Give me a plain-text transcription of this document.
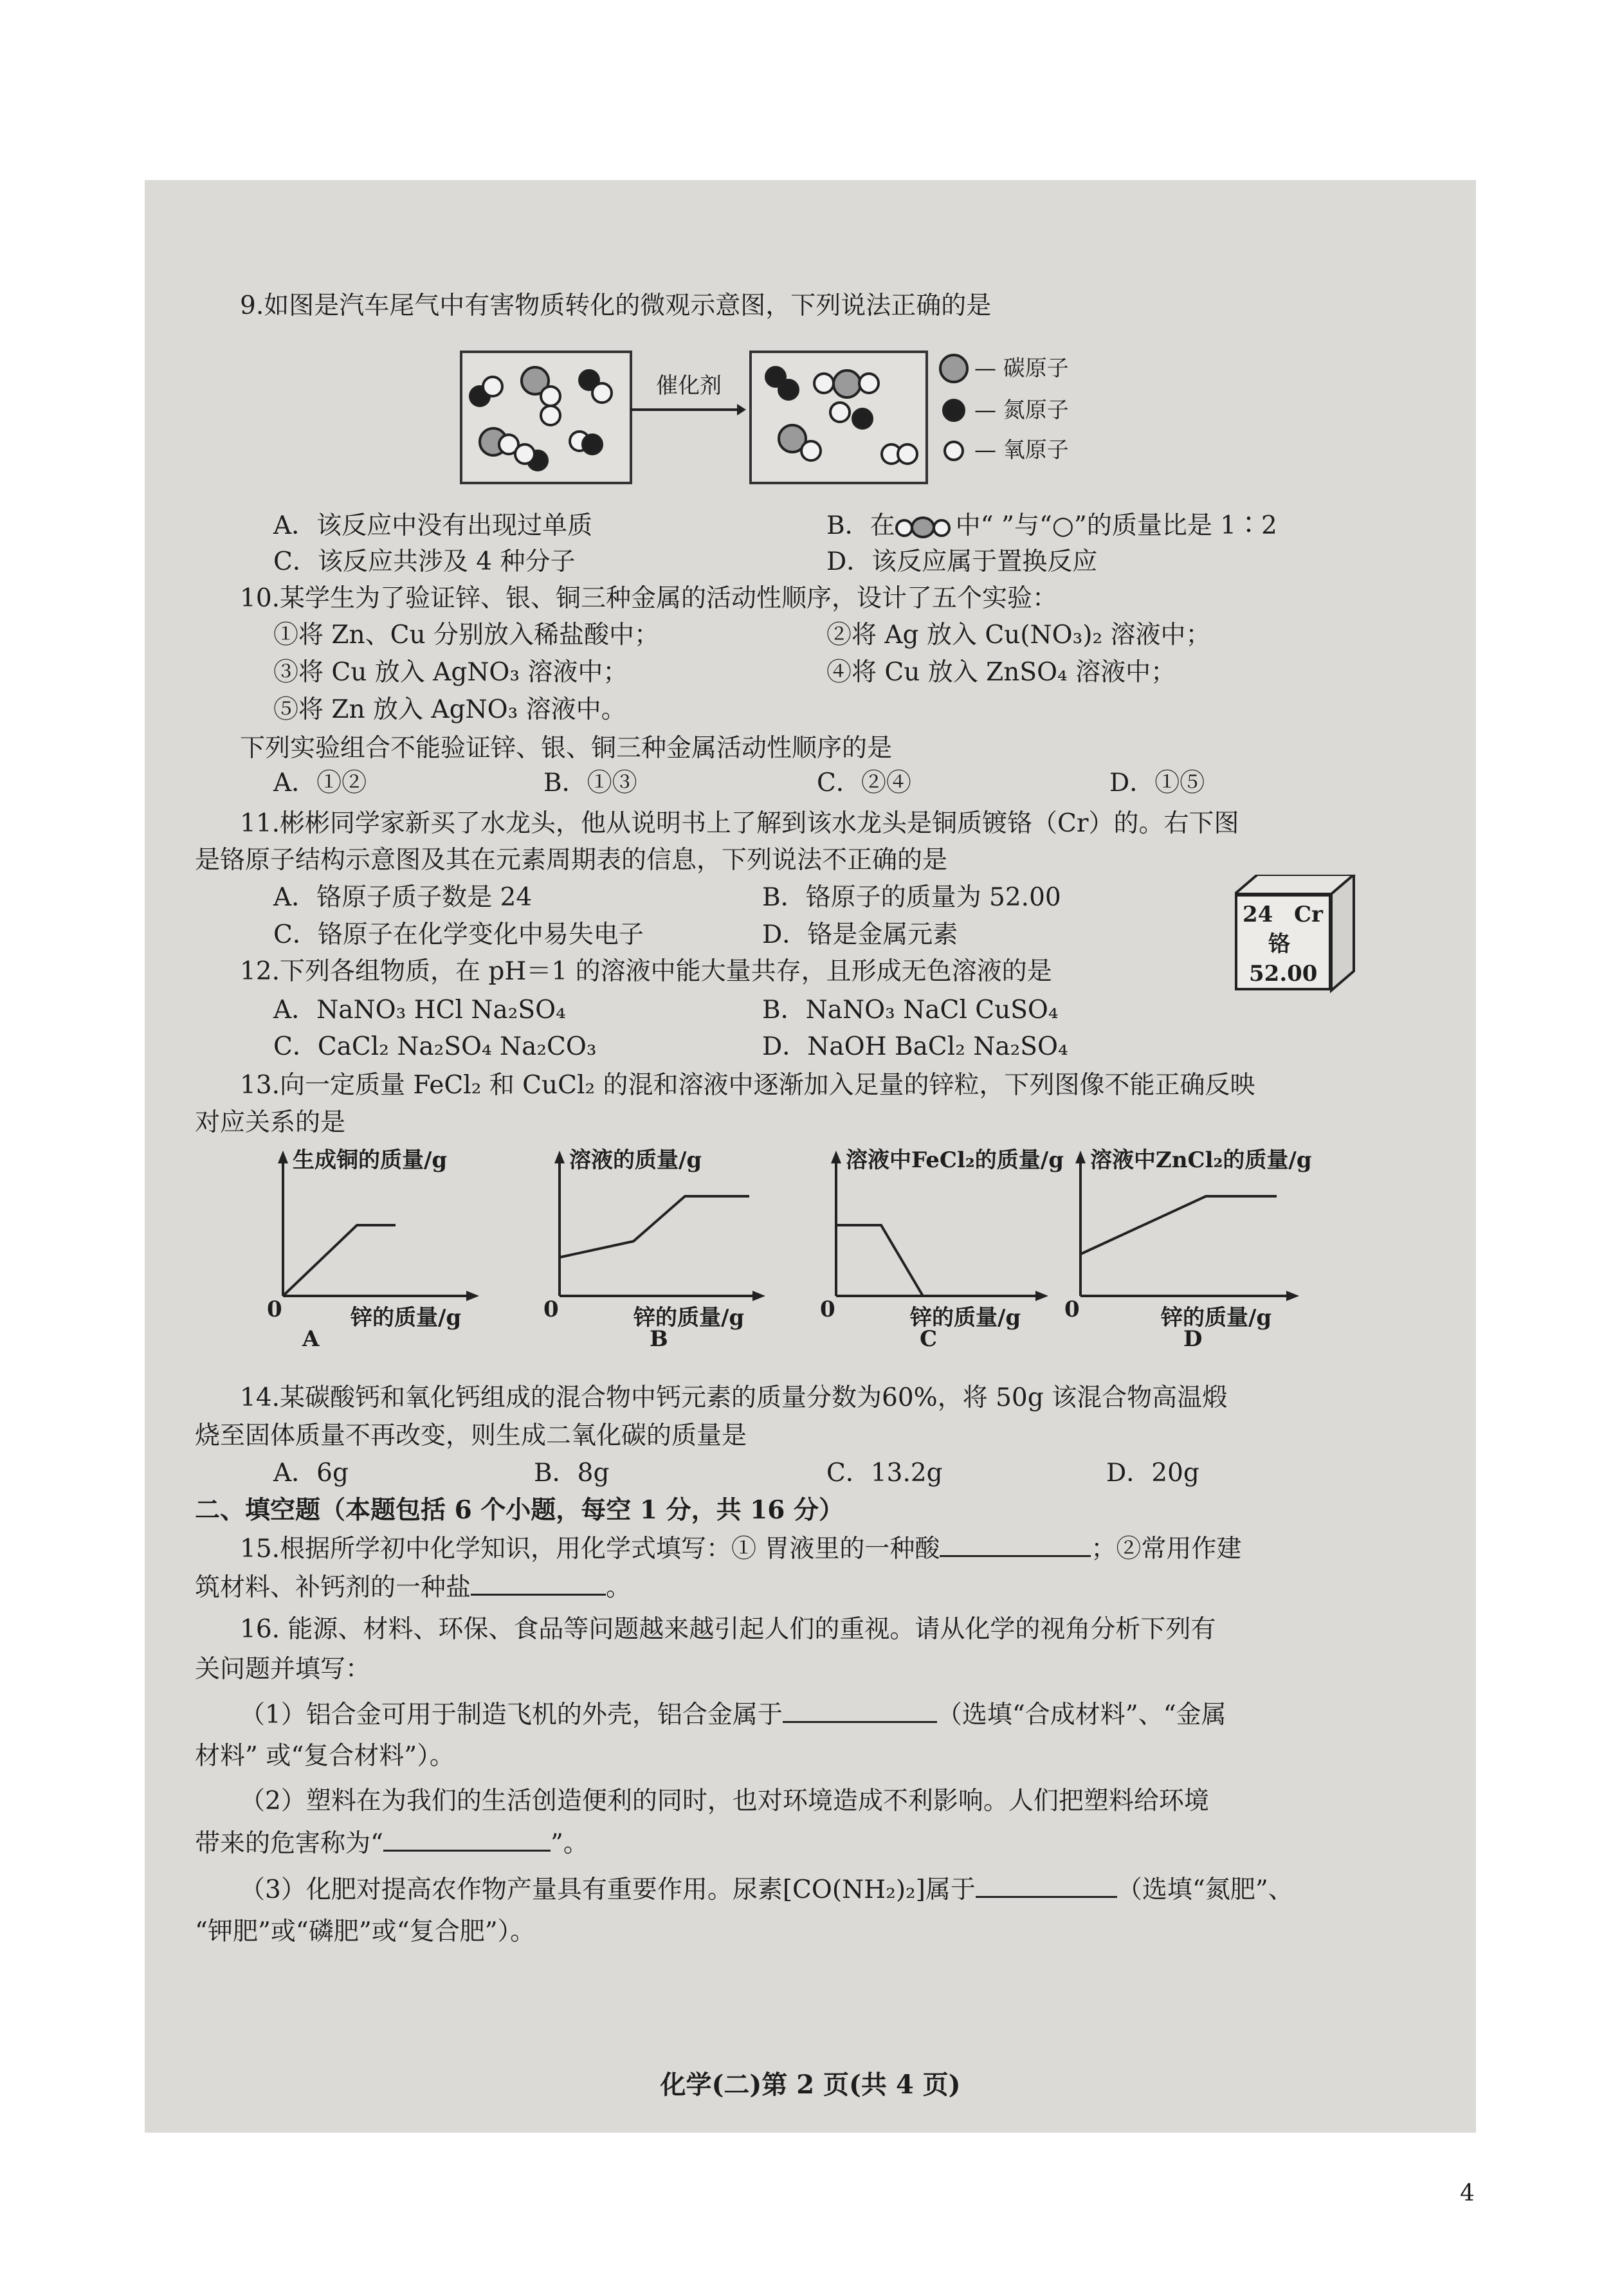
9.如图是汽车尾气中有害物质转化的微观示意图，下列说法正确的是
催化剂
— 碳原子
— 氮原子
— 氧原子
A．该反应中没有出现过单质	B．在 中“ ”与“○”的质量比是 1∶2
C．该反应共涉及 4 种分子	D．该反应属于置换反应
10.某学生为了验证锌、银、铜三种金属的活动性顺序，设计了五个实验：
①将 Zn、Cu 分别放入稀盐酸中；	②将 Ag 放入 Cu(NO₃)₂ 溶液中；
③将 Cu 放入 AgNO₃ 溶液中；	④将 Cu 放入 ZnSO₄ 溶液中；
⑤将 Zn 放入 AgNO₃ 溶液中。
下列实验组合不能验证锌、银、铜三种金属活动性顺序的是
A．①②	B．①③	C．②④	D．①⑤
11.彬彬同学家新买了水龙头，他从说明书上了解到该水龙头是铜质镀铬（Cr）的。右下图
是铬原子结构示意图及其在元素周期表的信息，下列说法不正确的是
A．铬原子质子数是 24	B．铬原子的质量为 52.00
C．铬原子在化学变化中易失电子	D．铬是金属元素
24 Cr
铬
52.00
12.下列各组物质，在 pH＝1 的溶液中能大量共存，且形成无色溶液的是
A．NaNO₃ HCl Na₂SO₄	B．NaNO₃ NaCl CuSO₄
C．CaCl₂ Na₂SO₄ Na₂CO₃	D．NaOH BaCl₂ Na₂SO₄
13.向一定质量 FeCl₂ 和 CuCl₂ 的混和溶液中逐渐加入足量的锌粒，下列图像不能正确反映
对应关系的是
生成铜的质量/g
0	锌的质量/g
A
溶液的质量/g
0	锌的质量/g
B
溶液中FeCl₂的质量/g
0	锌的质量/g
C
溶液中ZnCl₂的质量/g
0	锌的质量/g
D
14.某碳酸钙和氧化钙组成的混合物中钙元素的质量分数为60%，将 50g 该混合物高温煅
烧至固体质量不再改变，则生成二氧化碳的质量是
A．6g	B．8g	C．13.2g	D．20g
二、填空题（本题包括 6 个小题，每空 1 分，共 16 分）
15.根据所学初中化学知识，用化学式填写：① 胃液里的一种酸	；②常用作建
筑材料、补钙剂的一种盐	。
16. 能源、材料、环保、食品等问题越来越引起人们的重视。请从化学的视角分析下列有
关问题并填写：
（1）铝合金可用于制造飞机的外壳，铝合金属于	（选填“合成材料”、“金属
材料” 或“复合材料”）。
（2）塑料在为我们的生活创造便利的同时，也对环境造成不利影响。人们把塑料给环境
带来的危害称为“	”。
（3）化肥对提高农作物产量具有重要作用。尿素[CO(NH₂)₂]属于	（选填“氮肥”、
“钾肥”或“磷肥”或“复合肥”）。
化学(二)第 2 页(共 4 页)
4
